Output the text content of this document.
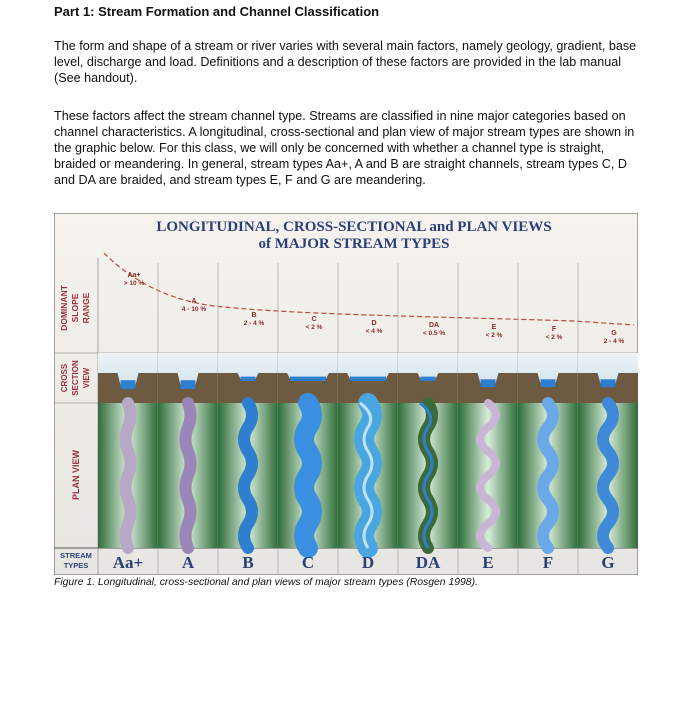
Part 1: Stream Formation and Channel Classification

The form and shape of a stream or river varies with several main factors, namely geology, gradient, base level, discharge and load. Definitions and a description of these factors are provided in the lab manual (See handout).

These factors affect the stream channel type. Streams are classified in nine major categories based on channel characteristics. A longitudinal, cross-sectional and plan view of major stream types are shown in the graphic below. For this class, we will only be concerned with whether a channel type is straight, braided or meandering. In general, stream types Aa+, A and B are straight channels, stream types C, D and DA are braided, and stream types E, F and G are meandering.

LONGITUDINAL, CROSS-SECTIONAL and PLAN VIEWS
of MAJOR STREAM TYPES
DOMINANT SLOPE RANGE
CROSS SECTION VIEW
PLAN VIEW
STREAM
TYPES
Aa+
> 10 %
Aa+
A
4 - 10 %
A
B
2 - 4 %
B
C
< 2 %
C
D
< 4 %
D
DA
< 0.5 %
DA
E
< 2 %
E
F
< 2 %
F
G
2 - 4 %
G
Figure 1. Longitudinal, cross-sectional and plan views of major stream types (Rosgen 1998).
